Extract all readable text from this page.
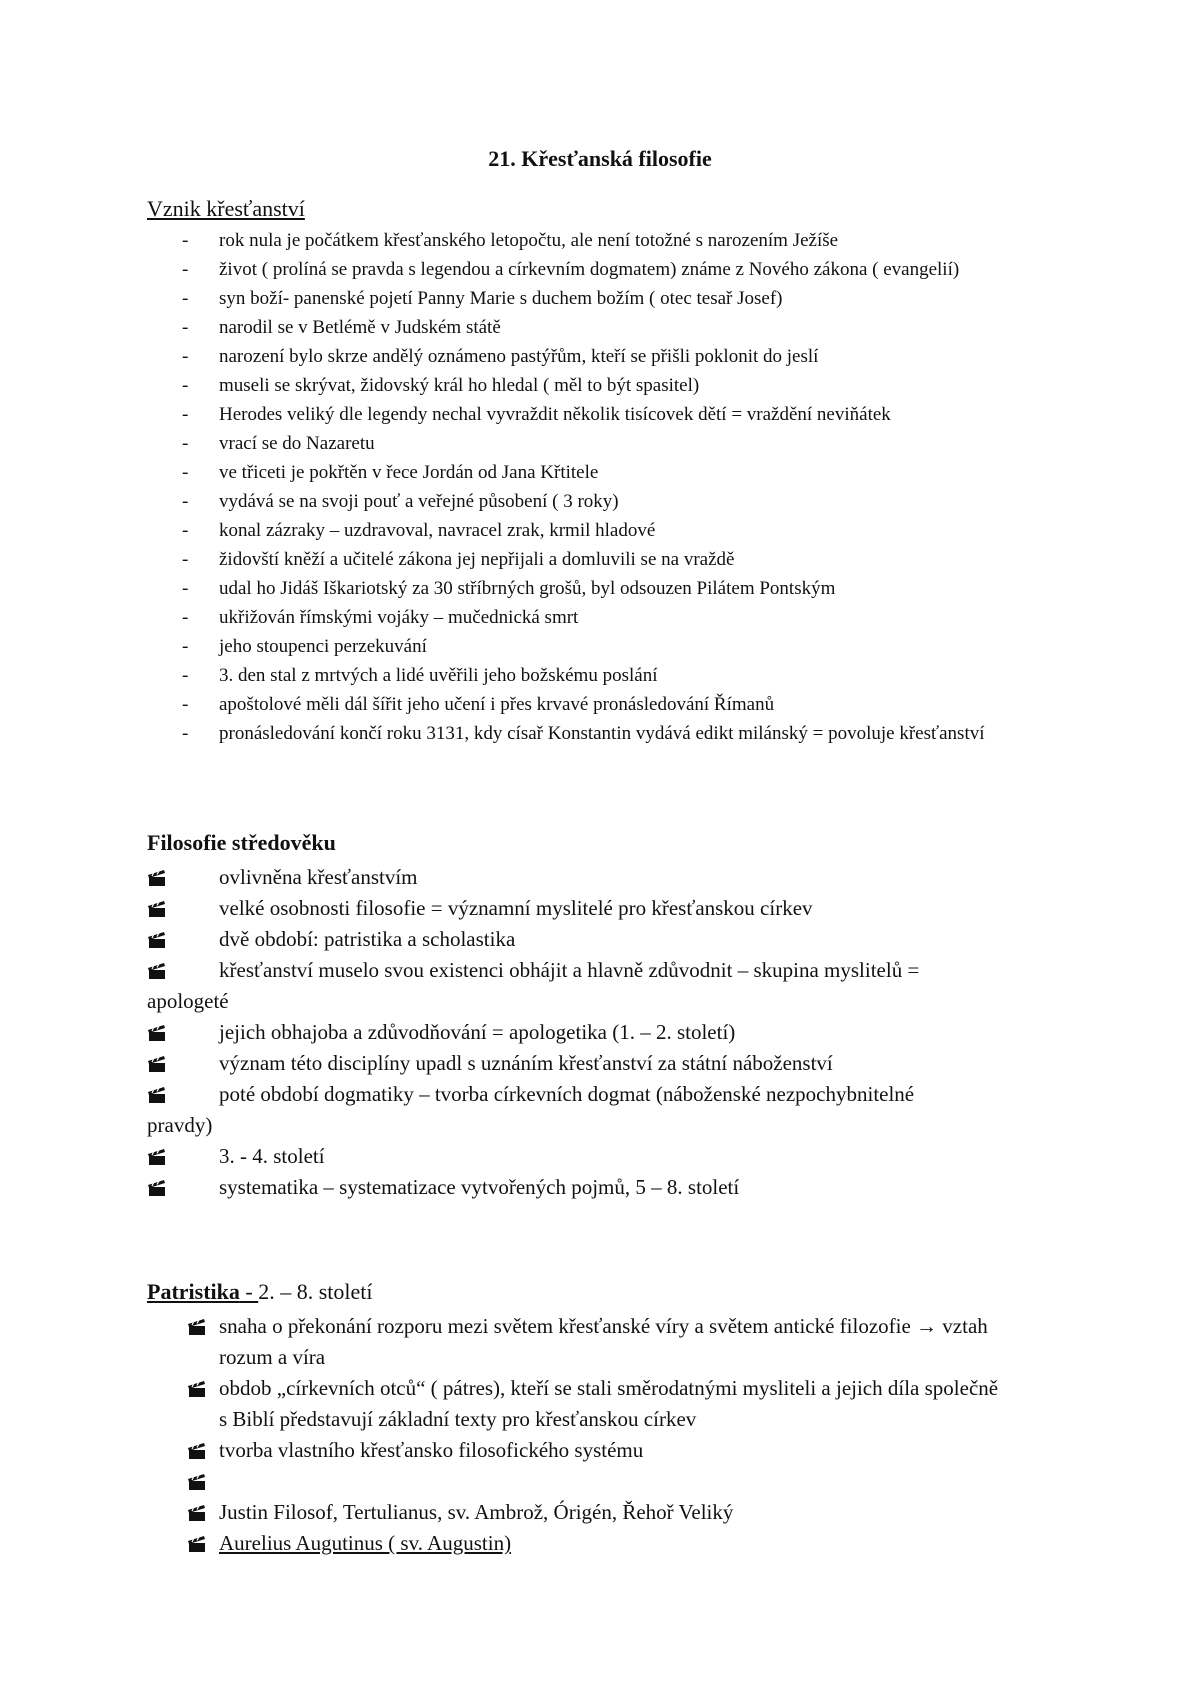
21. Křesťanská filosofie
Vznik křesťanství
- rok nula je počátkem křesťanského letopočtu, ale není totožné s narozením Ježíše
- život ( prolíná se pravda s legendou a církevním dogmatem) známe z Nového zákona ( evangelií)
- syn boží- panenské pojetí Panny Marie s duchem božím ( otec tesař Josef)
- narodil se v Betlémě v Judském státě
- narození bylo skrze andělý oznámeno pastýřům, kteří se přišli poklonit do jeslí
- museli se skrývat, židovský král ho hledal ( měl to být spasitel)
- Herodes veliký dle legendy nechal vyvraždit několik tisícovek dětí = vraždění neviňátek
- vrací se do Nazaretu
- ve třiceti je pokřtěn v řece Jordán od Jana Křtitele
- vydává se na svoji pouť a veřejné působení ( 3 roky)
- konal zázraky – uzdravoval, navracel zrak, krmil hladové
- židovští kněží a učitelé zákona jej nepřijali a domluvili se na vraždě
- udal ho Jidáš Iškariotský za 30 stříbrných grošů, byl odsouzen Pilátem Pontským
- ukřižován římskými vojáky – mučednická smrt
- jeho stoupenci perzekuvání
- 3. den stal z mrtvých a lidé uvěřili jeho božskému poslání
- apoštolové měli dál šířit jeho učení i přes krvavé pronásledování Římanů
- pronásledování končí roku 3131, kdy císař Konstantin vydává edikt milánský = povoluje křesťanství
Filosofie středověku
ovlivněna křesťanstvím
velké osobnosti filosofie = významní myslitelé pro křesťanskou církev
dvě období: patristika a scholastika
křesťanství muselo svou existenci obhájit a hlavně zdůvodnit – skupina myslitelů =
apologeté
jejich obhajoba a zdůvodňování = apologetika (1. – 2. století)
význam této disciplíny upadl s uznáním křesťanství za státní náboženství
poté období dogmatiky – tvorba církevních dogmat (náboženské nezpochybnitelné
pravdy)
3. - 4. století
systematika – systematizace vytvořených pojmů, 5 – 8. století
Patristika - 2. – 8. století
snaha o překonání rozporu mezi světem křesťanské víry a světem antické filozofie → vztah
rozum a víra
obdob „církevních otců“ ( pátres), kteří se stali směrodatnými mysliteli a jejich díla společně
s Biblí představují základní texty pro křesťanskou církev
tvorba vlastního křesťansko filosofického systému
Justin Filosof, Tertulianus, sv. Ambrož, Órigén, Řehoř Veliký
Aurelius Augutinus ( sv. Augustin)
